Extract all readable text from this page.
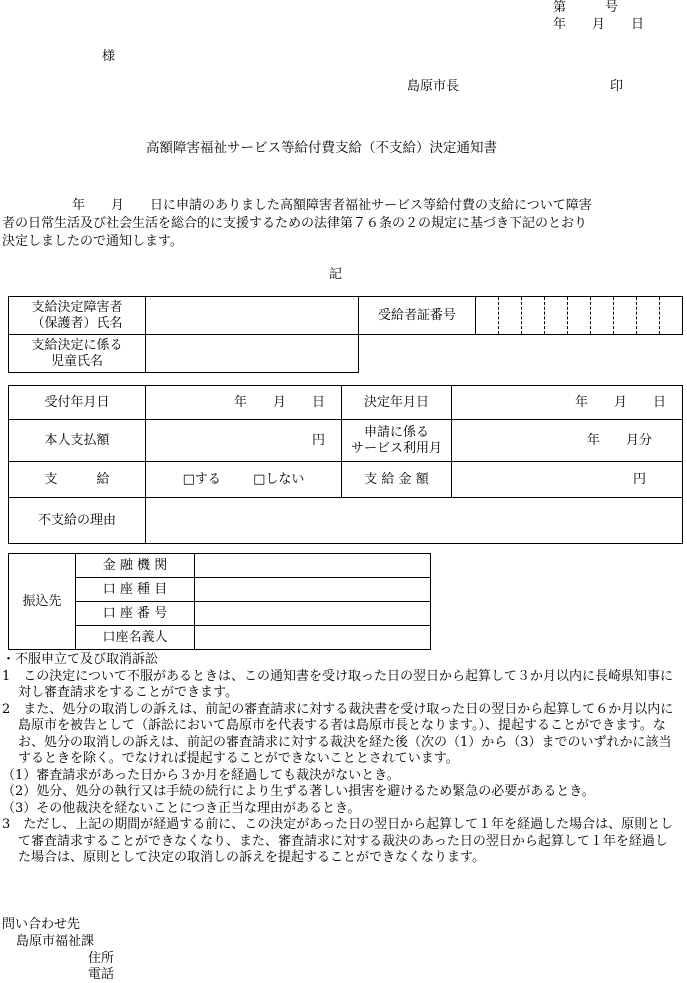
第　　　号
年　　月　　日
様
島原市長	印
高額障害福祉サービス等給付費支給（不支給）決定通知書
年　　月　　日に申請のありました高額障害者福祉サービス等給付費の支給について障害
者の日常生活及び社会生活を総合的に支援するための法律第７６条の２の規定に基づき下記のとおり
決定しましたので通知します。
記
支給決定障害者
（保護者）氏名		受給者証番号									

支給決定に係る
児童氏名											

受付年月日	年　　月　　日	決定年月日	年　　月　　日
本人支払額	円	申請に係る
サービス利用月	年　　月分
支　　　給	□する □しない	支 給 金 額	円
不支給の理由			
振込先	金 融 機 関	
	口 座 種 目	
	口 座 番 号	
	口座名義人	
・不服申立て及び取消訴訟
1　この決定について不服があるときは、この通知書を受け取った日の翌日から起算して３か月以内に長崎県知事に対し審査請求をすることができます。
2　また、処分の取消しの訴えは、前記の審査請求に対する裁決書を受け取った日の翌日から起算して６か月以内に島原市を被告として（訴訟において島原市を代表する者は島原市長となります。）、提起することができます。なお、処分の取消しの訴えは、前記の審査請求に対する裁決を経た後（次の（1）から（3）までのいずれかに該当するときを除く。でなければ提起することができないこととされています。
（1）審査請求があった日から３か月を経過しても裁決がないとき。
（2）処分、処分の執行又は手続の続行により生ずる著しい損害を避けるため緊急の必要があるとき。
（3）その他裁決を経ないことにつき正当な理由があるとき。
3　ただし、上記の期間が経過する前に、この決定があった日の翌日から起算して１年を経過した場合は、原則として審査請求することができなくなり、また、審査請求に対する裁決のあった日の翌日から起算して１年を経過した場合は、原則として決定の取消しの訴えを提起することができなくなります。
問い合わせ先
島原市福祉課
住所
電話
